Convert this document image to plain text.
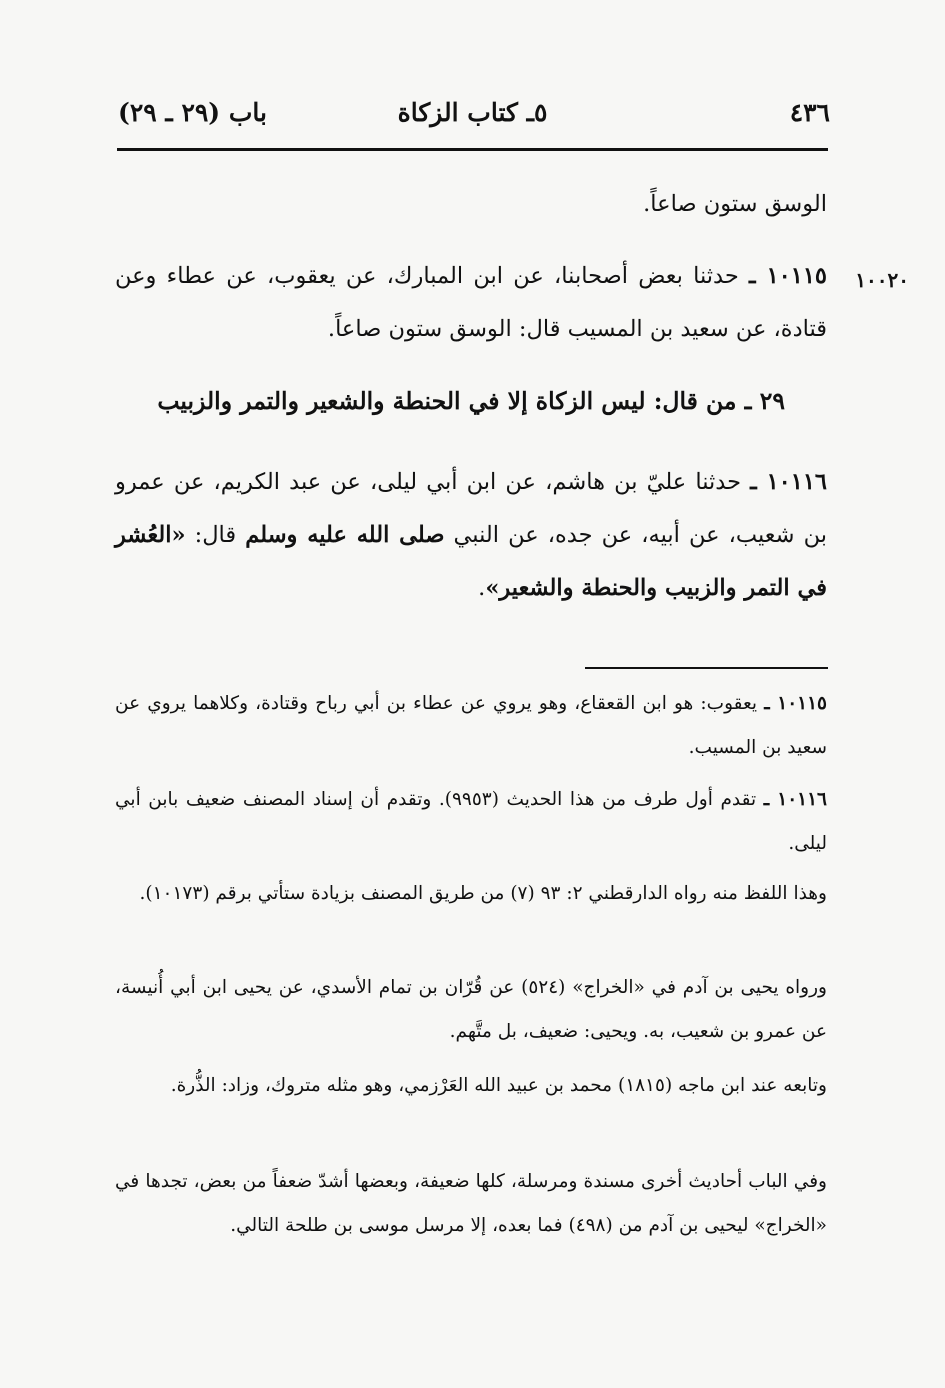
٤٣٦
٥ـ كتاب الزكاة
باب (٢٩ ـ ٢٩)
الوسق ستون صاعاً.
١٠٠٢٠
١٠١١٥ ـ حدثنا بعض أصحابنا، عن ابن المبارك، عن يعقوب، عن عطاء وعن قتادة، عن سعيد بن المسيب قال: الوسق ستون صاعاً.
٢٩ ـ من قال: ليس الزكاة إلا في الحنطة والشعير والتمر والزبيب
١٠١١٦ ـ حدثنا عليّ بن هاشم، عن ابن أبي ليلى، عن عبد الكريم، عن عمرو بن شعيب، عن أبيه، عن جده، عن النبي صلى الله عليه وسلم قال: «العُشر في التمر والزبيب والحنطة والشعير».
١٠١١٥ ـ يعقوب: هو ابن القعقاع، وهو يروي عن عطاء بن أبي رباح وقتادة، وكلاهما يروي عن سعيد بن المسيب.
١٠١١٦ ـ تقدم أول طرف من هذا الحديث (٩٩٥٣). وتقدم أن إسناد المصنف ضعيف بابن أبي ليلى.
وهذا اللفظ منه رواه الدارقطني ٢: ٩٣ (٧) من طريق المصنف بزيادة ستأتي برقم (١٠١٧٣).
ورواه يحيى بن آدم في «الخراج» (٥٢٤) عن قُرّان بن تمام الأسدي، عن يحيى ابن أبي أُنيسة، عن عمرو بن شعيب، به. ويحيى: ضعيف، بل متَّهم.
وتابعه عند ابن ماجه (١٨١٥) محمد بن عبيد الله العَرْزمي، وهو مثله متروك، وزاد: الذُّرة.
وفي الباب أحاديث أخرى مسندة ومرسلة، كلها ضعيفة، وبعضها أشدّ ضعفاً من بعض، تجدها في «الخراج» ليحيى بن آدم من (٤٩٨) فما بعده، إلا مرسل موسى بن طلحة التالي.
